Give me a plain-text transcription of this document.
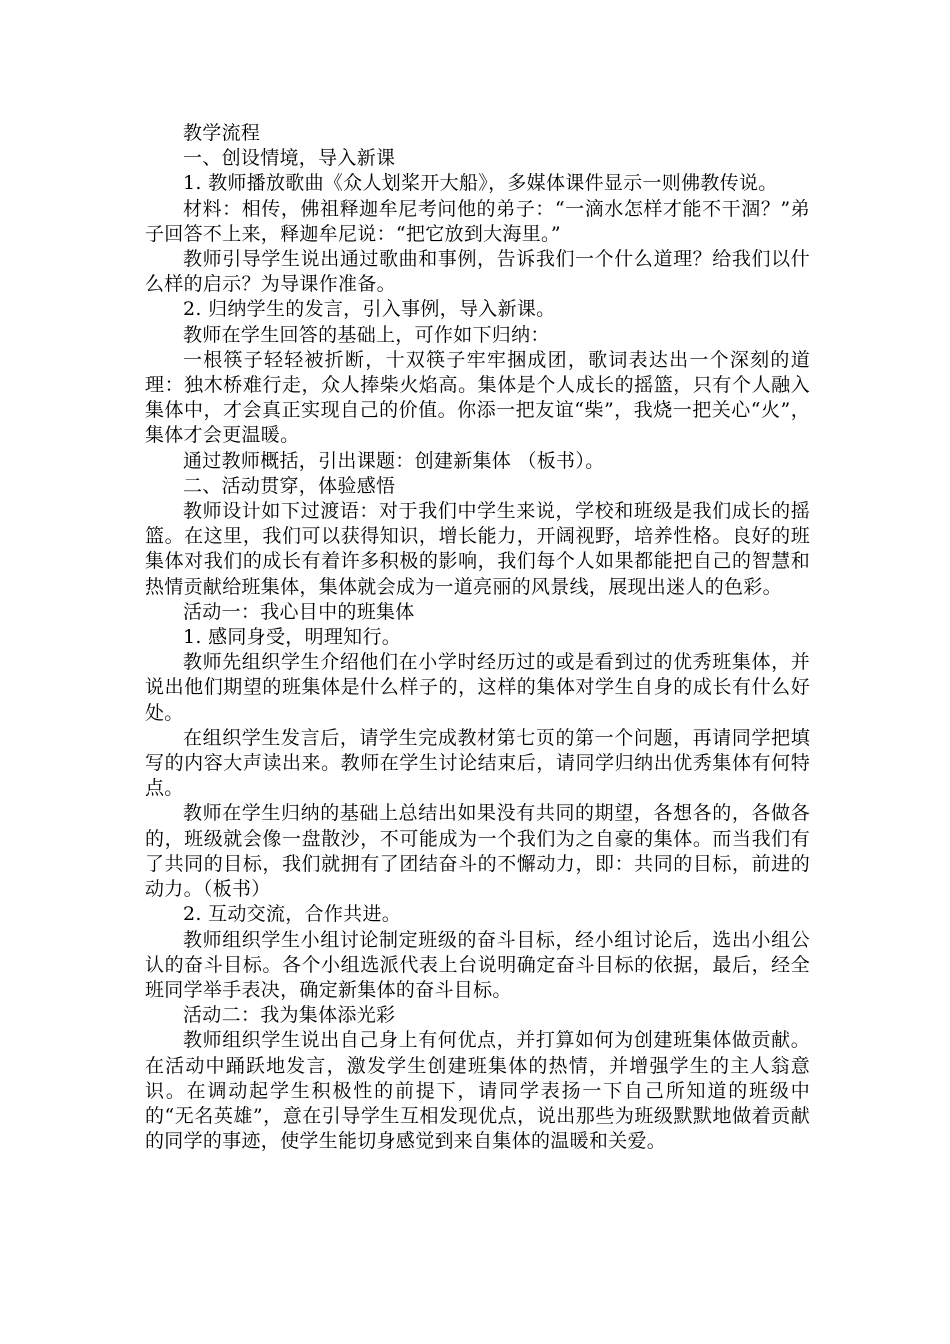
教学流程

一、创设情境，导入新课

1. 教师播放歌曲《众人划桨开大船》，多媒体课件显示一则佛教传说。

材料：相传，佛祖释迦牟尼考问他的弟子：“一滴水怎样才能不干涸？”弟子回答不上来，释迦牟尼说：“把它放到大海里。”

教师引导学生说出通过歌曲和事例，告诉我们一个什么道理？给我们以什么样的启示？为导课作准备。

2. 归纳学生的发言，引入事例，导入新课。

教师在学生回答的基础上，可作如下归纳：

一根筷子轻轻被折断，十双筷子牢牢捆成团，歌词表达出一个深刻的道理：独木桥难行走，众人捧柴火焰高。集体是个人成长的摇篮，只有个人融入集体中，才会真正实现自己的价值。你添一把友谊“柴”，我烧一把关心“火”，集体才会更温暖。

通过教师概括，引出课题：创建新集体 （板书）。

二、活动贯穿，体验感悟

教师设计如下过渡语：对于我们中学生来说，学校和班级是我们成长的摇篮。在这里，我们可以获得知识，增长能力，开阔视野，培养性格。良好的班集体对我们的成长有着许多积极的影响，我们每个人如果都能把自己的智慧和热情贡献给班集体，集体就会成为一道亮丽的风景线，展现出迷人的色彩。

活动一：我心目中的班集体

1. 感同身受，明理知行。

教师先组织学生介绍他们在小学时经历过的或是看到过的优秀班集体，并说出他们期望的班集体是什么样子的，这样的集体对学生自身的成长有什么好处。

在组织学生发言后，请学生完成教材第七页的第一个问题，再请同学把填写的内容大声读出来。教师在学生讨论结束后，请同学归纳出优秀集体有何特点。

教师在学生归纳的基础上总结出如果没有共同的期望，各想各的，各做各的，班级就会像一盘散沙，不可能成为一个我们为之自豪的集体。而当我们有了共同的目标，我们就拥有了团结奋斗的不懈动力，即：共同的目标，前进的动力。（板书）

2. 互动交流，合作共进。

教师组织学生小组讨论制定班级的奋斗目标，经小组讨论后，选出小组公认的奋斗目标。各个小组选派代表上台说明确定奋斗目标的依据，最后，经全班同学举手表决，确定新集体的奋斗目标。

活动二：我为集体添光彩

教师组织学生说出自己身上有何优点，并打算如何为创建班集体做贡献。在活动中踊跃地发言，激发学生创建班集体的热情，并增强学生的主人翁意识。在调动起学生积极性的前提下，请同学表扬一下自己所知道的班级中的“无名英雄”，意在引导学生互相发现优点，说出那些为班级默默地做着贡献的同学的事迹，使学生能切身感觉到来自集体的温暖和关爱。
